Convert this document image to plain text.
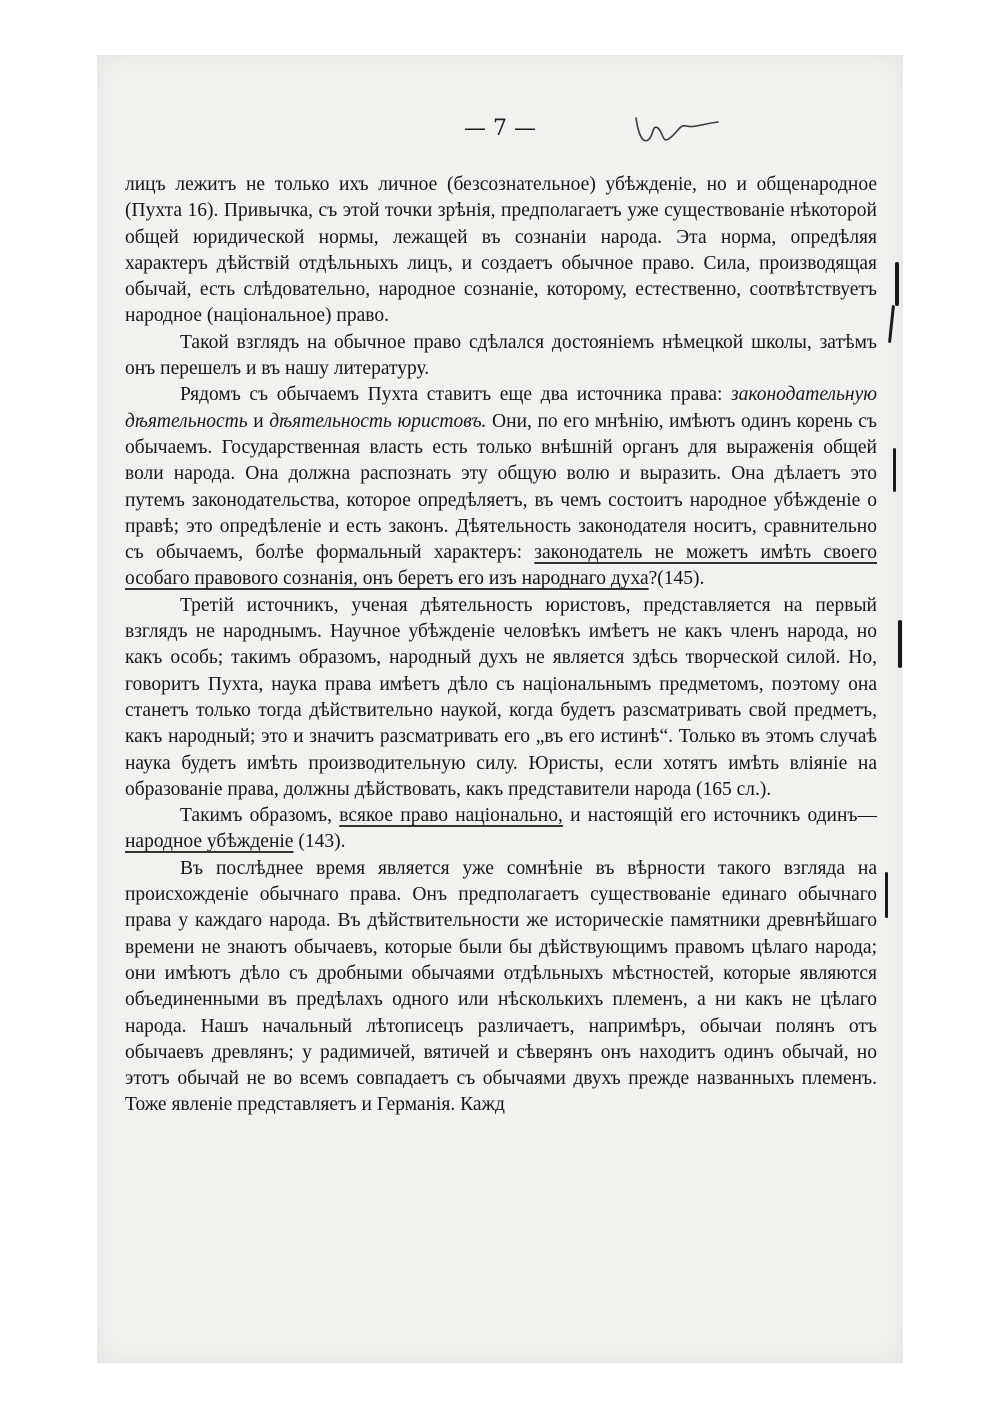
— 7 —

лицъ лежитъ не только ихъ личное (безсознательное) убѣжденіе, но и общенародное (Пухта 16). Привычка, съ этой точки зрѣнія, предполагаетъ уже существованіе нѣкоторой общей юридической нормы, лежащей въ сознаніи народа. Эта норма, опредѣляя характеръ дѣйствій отдѣльныхъ лицъ, и создаетъ обычное право. Сила, производящая обычай, есть слѣдовательно, народное сознаніе, которому, естественно, соотвѣтствуетъ народное (національное) право.

Такой взглядъ на обычное право сдѣлался достояніемъ нѣмецкой школы, затѣмъ онъ перешелъ и въ нашу литературу.

Рядомъ съ обычаемъ Пухта ставитъ еще два источника права: законодательную дѣятельность и дѣятельность юристовъ. Они, по его мнѣнію, имѣютъ одинъ корень съ обычаемъ. Государственная власть есть только внѣшній органъ для выраженія общей воли народа. Она должна распознать эту общую волю и выразить. Она дѣлаетъ это путемъ законодательства, которое опредѣляетъ, въ чемъ состоитъ народное убѣжденіе о правѣ; это опредѣленіе и есть законъ. Дѣятельность законодателя носитъ, сравнительно съ обычаемъ, болѣе формальный характеръ: законодатель не можетъ имѣть своего особаго правового сознанія, онъ беретъ его изъ народнаго духа?(145).

Третій источникъ, ученая дѣятельность юристовъ, представляется на первый взглядъ не народнымъ. Научное убѣжденіе человѣкъ имѣетъ не какъ членъ народа, но какъ особь; такимъ образомъ, народный духъ не является здѣсь творческой силой. Но, говоритъ Пухта, наука права имѣетъ дѣло съ національнымъ предметомъ, поэтому она станетъ только тогда дѣйствительно наукой, когда будетъ разсматривать свой предметъ, какъ народный; это и значитъ разсматривать его „въ его истинѣ“. Только въ этомъ случаѣ наука будетъ имѣть производительную силу. Юристы, если хотятъ имѣть вліяніе на образованіе права, должны дѣйствовать, какъ представители народа (165 сл.).

Такимъ образомъ, всякое право національно, и настоящій его источникъ одинъ—народное убѣжденіе (143).

Въ послѣднее время является уже сомнѣніе въ вѣрности такого взгляда на происхожденіе обычнаго права. Онъ предполагаетъ существованіе единаго обычнаго права у каждаго народа. Въ дѣйствительности же историческіе памятники древнѣйшаго времени не знаютъ обычаевъ, которые были бы дѣйствующимъ правомъ цѣлаго народа; они имѣютъ дѣло съ дробными обычаями отдѣльныхъ мѣстностей, которые являются объединенными въ предѣлахъ одного или нѣсколькихъ племенъ, а ни какъ не цѣлаго народа. Нашъ начальный лѣтописецъ различаетъ, напримѣръ, обычаи полянъ отъ обычаевъ древлянъ; у радимичей, вятичей и сѣверянъ онъ находитъ одинъ обычай, но этотъ обычай не во всемъ совпадаетъ съ обычаями двухъ прежде названныхъ племенъ. Тоже явленіе представляетъ и Германія. Кажд
